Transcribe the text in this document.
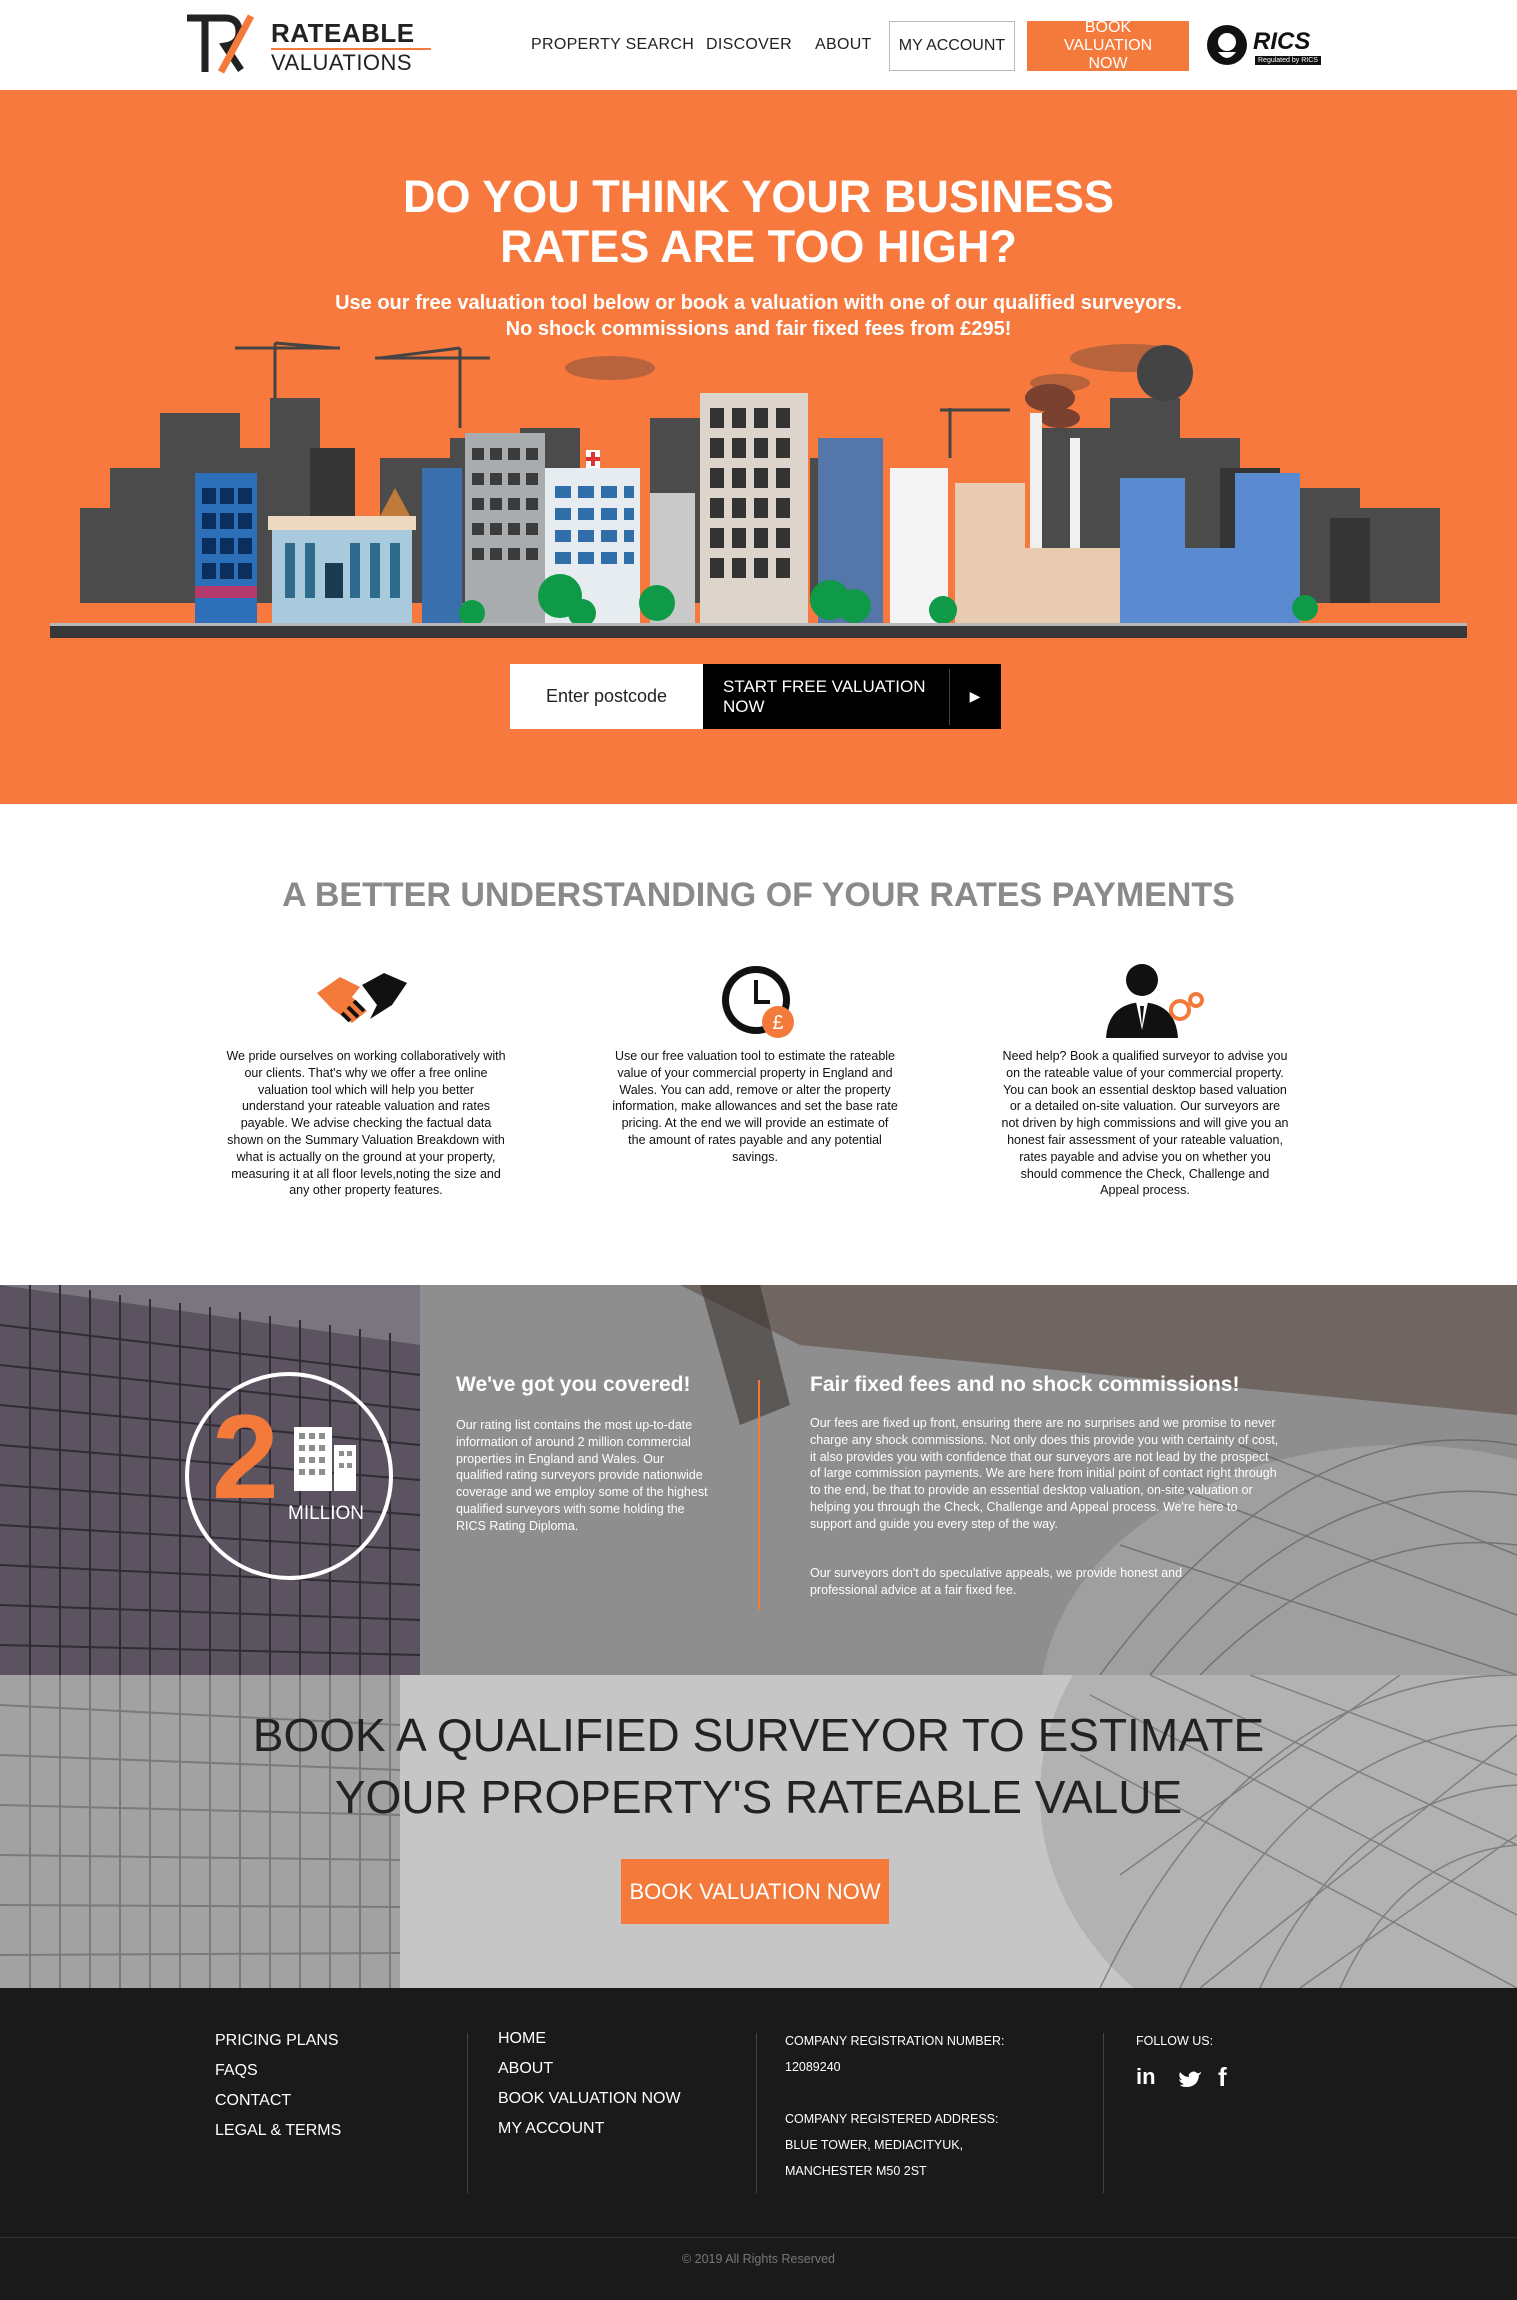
RATEABLE
VALUATIONS
PROPERTY SEARCH DISCOVER ABOUT	MY ACCOUNT
BOOK VALUATION NOW
RICS
Regulated by RICS
DO YOU THINK YOUR BUSINESS
RATES ARE TOO HIGH?
Use our free valuation tool below or book a valuation with one of our qualified surveyors.
No shock commissions and fair fixed fees from £295!
Enter postcode	START FREE VALUATION NOW
▶
A BETTER UNDERSTANDING OF YOUR RATES PAYMENTS
£
We pride ourselves on working collaboratively with our clients. That's why we offer a free online valuation tool which will help you better understand your rateable valuation and rates payable. We advise checking the factual data shown on the Summary Valuation Breakdown with what is actually on the ground at your property, measuring it at all floor levels,noting the size and any other property features.
Use our free valuation tool to estimate the rateable value of your commercial property in England and Wales. You can add, remove or alter the property information, make allowances and set the base rate pricing. At the end we will provide an estimate of the amount of rates payable and any potential savings.
Need help? Book a qualified surveyor to advise you on the rateable value of your commercial property. You can book an essential desktop based valuation or a detailed on-site valuation. Our surveyors are not driven by high commissions and will give you an honest fair assessment of your rateable valuation, rates payable and advise you on whether you should commence the Check, Challenge and Appeal process.
2 MILLION
We've got you covered!
Our rating list contains the most up-to-date information of around 2 million commercial properties in England and Wales. Our qualified rating surveyors provide nationwide coverage and we employ some of the highest qualified surveyors with some holding the RICS Rating Diploma.
Fair fixed fees and no shock commissions!
Our fees are fixed up front, ensuring there are no surprises and we promise to never charge any shock commissions. Not only does this provide you with certainty of cost, it also provides you with confidence that our surveyors are not lead by the prospect of large commission payments. We are here from initial point of contact right through to the end, be that to provide an essential desktop valuation, on-site valuation or helping you through the Check, Challenge and Appeal process. We're here to support and guide you every step of the way.
Our surveyors don't do speculative appeals, we provide honest and professional advice at a fair fixed fee.
BOOK A QUALIFIED SURVEYOR TO ESTIMATE
YOUR PROPERTY'S RATEABLE VALUE
BOOK VALUATION NOW
PRICING PLANS
FAQS
CONTACT
LEGAL & TERMS
HOME
ABOUT
BOOK VALUATION NOW
MY ACCOUNT
COMPANY REGISTRATION NUMBER:
12089240
COMPANY REGISTERED ADDRESS:
BLUE TOWER, MEDIACITYUK,
MANCHESTER M50 2ST
FOLLOW US:
in f
© 2019 All Rights Reserved
